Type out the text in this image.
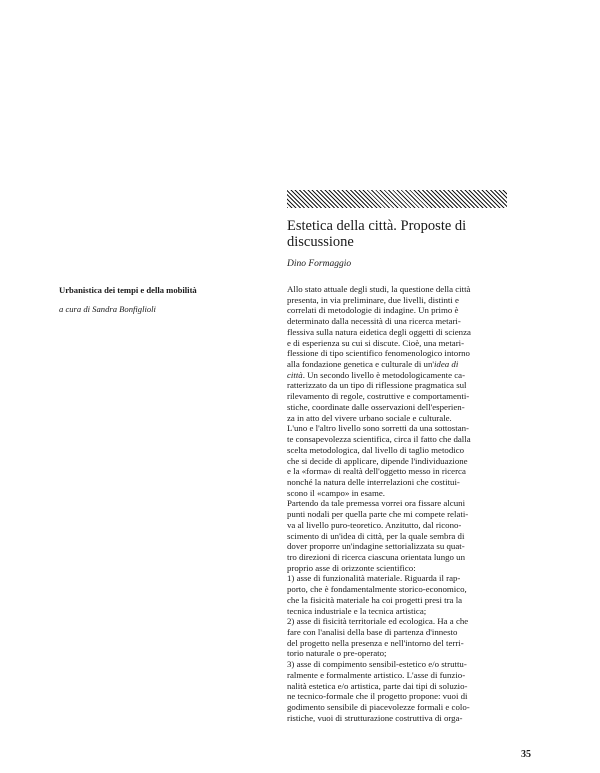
Estetica della città. Proposte di discussione

Dino Formaggio

Urbanistica dei tempi e della mobilità

a cura di Sandra Bonfiglioli

Allo stato attuale degli studi, la questione della città
presenta, in via preliminare, due livelli, distinti e
correlati di metodologie di indagine. Un primo è
determinato dalla necessità di una ricerca metari-
flessiva sulla natura eidetica degli oggetti di scienza
e di esperienza su cui si discute. Cioè, una metari-
flessione di tipo scientifico fenomenologico intorno
alla fondazione genetica e culturale di un'idea di
città. Un secondo livello è metodologicamente ca-
ratterizzato da un tipo di riflessione pragmatica sul
rilevamento di regole, costruttive e comportamenti-
stiche, coordinate dalle osservazioni dell'esperien-
za in atto del vivere urbano sociale e culturale.
L'uno e l'altro livello sono sorretti da una sottostan-
te consapevolezza scientifica, circa il fatto che dalla
scelta metodologica, dal livello di taglio metodico
che si decide di applicare, dipende l'individuazione
e la «forma» di realtà dell'oggetto messo in ricerca
nonché la natura delle interrelazioni che costitui-
scono il «campo» in esame.
Partendo da tale premessa vorrei ora fissare alcuni
punti nodali per quella parte che mi compete relati-
va al livello puro-teoretico. Anzitutto, dal ricono-
scimento di un'idea di città, per la quale sembra di
dover proporre un'indagine settorializzata su quat-
tro direzioni di ricerca ciascuna orientata lungo un
proprio asse di orizzonte scientifico:
1) asse di funzionalità materiale. Riguarda il rap-
porto, che è fondamentalmente storico-economico,
che la fisicità materiale ha coi progetti presi tra la
tecnica industriale e la tecnica artistica;
2) asse di fisicità territoriale ed ecologica. Ha a che
fare con l'analisi della base di partenza d'innesto
del progetto nella presenza e nell'intorno del terri-
torio naturale o pre-operato;
3) asse di compimento sensibil-estetico e/o struttu-
ralmente e formalmente artistico. L'asse di funzio-
nalità estetica e/o artistica, parte dai tipi di soluzio-
ne tecnico-formale che il progetto propone: vuoi di
godimento sensibile di piacevolezze formali e colo-
ristiche, vuoi di strutturazione costruttiva di orga-

35
